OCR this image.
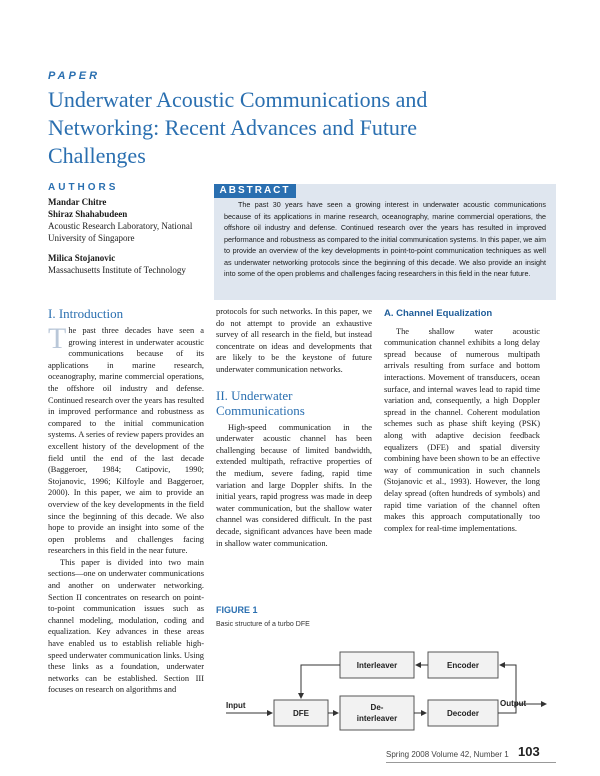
PAPER
Underwater Acoustic Communications and
Networking: Recent Advances and Future
Challenges
AUTHORS
Mandar Chitre
Shiraz Shahabudeen
Acoustic Research Laboratory, National
University of Singapore
Milica Stojanovic
Massachusetts Institute of Technology
ABSTRACT

The past 30 years have seen a growing interest in underwater acoustic communications because of its applications in marine research, oceanography, marine commercial operations, the offshore oil industry and defense. Continued research over the years has resulted in improved performance and robustness as compared to the initial communication systems. In this paper, we aim to provide an overview of the key developments in point-to-point communication techniques as well as underwater networking protocols since the beginning of this decade. We also provide an insight into some of the open problems and challenges facing researchers in this field in the near future.

I. Introduction

The past three decades have seen a growing interest in underwater acoustic communications because of its applications in marine research, oceanography, marine commercial operations, the offshore oil industry and defense. Continued research over the years has resulted in improved performance and robustness as compared to the initial communication systems. A series of review papers provides an excellent history of the development of the field until the end of the last decade (Baggeroer, 1984; Catipovic, 1990; Stojanovic, 1996; Kilfoyle and Baggeroer, 2000). In this paper, we aim to provide an overview of the key developments in the field since the beginning of this decade. We also hope to provide an insight into some of the open problems and challenges facing researchers in this field in the near future.

This paper is divided into two main sections—one on underwater communications and another on underwater networking. Section II concentrates on research on point-to-point communication issues such as channel modeling, modulation, coding and equalization. Key advances in these areas have enabled us to establish reliable high-speed underwater communication links. Using these links as a foundation, underwater networks can be established. Section III focuses on research on algorithms and

protocols for such networks. In this paper, we do not attempt to provide an exhaustive survey of all research in the field, but instead concentrate on ideas and developments that are likely to be the keystone of future underwater communication networks.

II. Underwater
Communications

High-speed communication in the underwater acoustic channel has been challenging because of limited bandwidth, extended multipath, refractive properties of the medium, severe fading, rapid time variation and large Doppler shifts. In the initial years, rapid progress was made in deep water communication, but the shallow water channel was considered difficult. In the past decade, significant advances have been made in shallow water communication.

A. Channel Equalization

The shallow water acoustic communication channel exhibits a long delay spread because of numerous multipath arrivals resulting from surface and bottom interactions. Movement of transducers, ocean surface, and internal waves lead to rapid time variation and, consequently, a high Doppler spread in the channel. Coherent modulation schemes such as phase shift keying (PSK) along with adaptive decision feedback equalizers (DFE) and spatial diversity combining have been shown to be an effective way of communication in such channels (Stojanovic et al., 1993). However, the long delay spread (often hundreds of symbols) and rapid time variation of the channel often makes this approach computationally too complex for real-time implementations.

FIGURE 1
Basic structure of a turbo DFE
Interleaver	Encoder
DFE
De-
interleaver
Decoder
Input	Output
Spring 2008 Volume 42, Number 1 103
